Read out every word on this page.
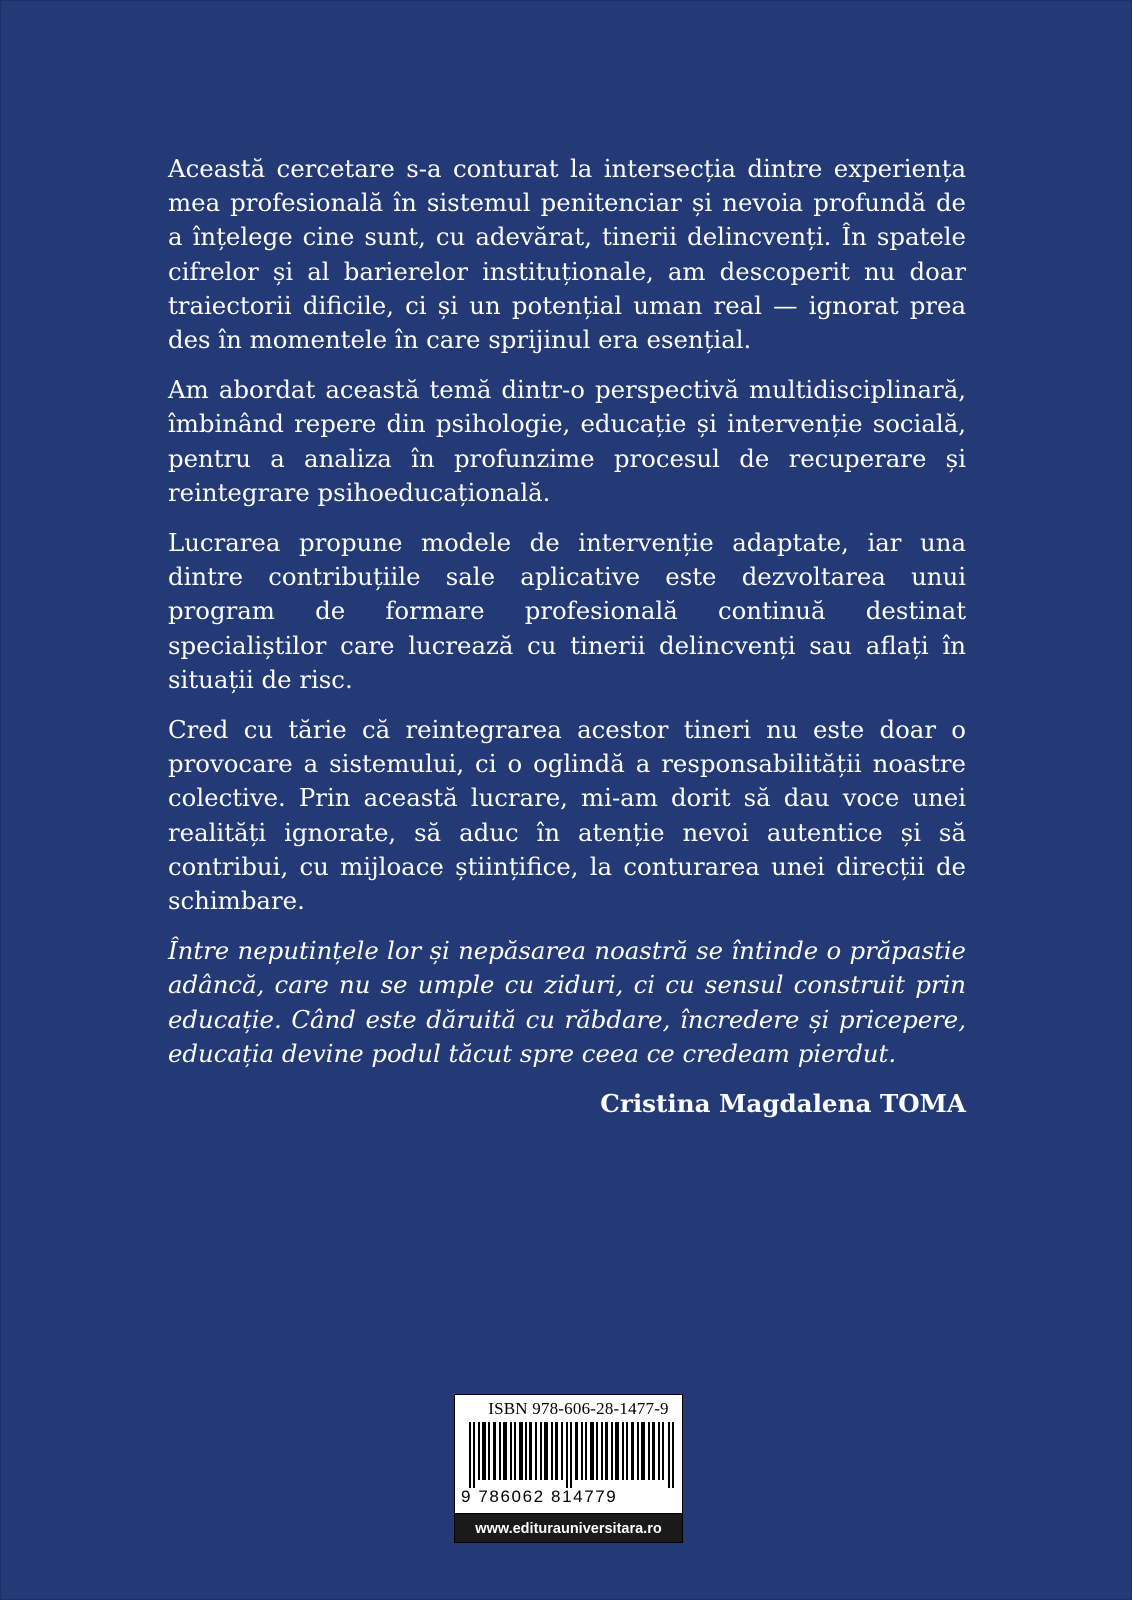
Această cercetare s-a conturat la intersecția dintre experiența mea profesională în sistemul penitenciar și nevoia profundă de a înțelege cine sunt, cu adevărat, tinerii delincvenți. În spatele cifrelor și al barierelor instituționale, am descoperit nu doar traiectorii dificile, ci și un potențial uman real — ignorat prea des în momentele în care sprijinul era esențial.

Am abordat această temă dintr-o perspectivă multidisciplinară, îmbinând repere din psihologie, educație și intervenție socială, pentru a analiza în profunzime procesul de recuperare și reintegrare psihoeducațională.

Lucrarea propune modele de intervenție adaptate, iar una dintre contribuțiile sale aplicative este dezvoltarea unui program de formare profesională continuă destinat specialiștilor care lucrează cu tinerii delincvenți sau aflați în situații de risc.

Cred cu tărie că reintegrarea acestor tineri nu este doar o provocare a sistemului, ci o oglindă a responsabilității noastre colective. Prin această lucrare, mi-am dorit să dau voce unei realități ignorate, să aduc în atenție nevoi autentice și să contribui, cu mijloace științifice, la conturarea unei direcții de schimbare.

Între neputințele lor și nepăsarea noastră se întinde o prăpastie adâncă, care nu se umple cu ziduri, ci cu sensul construit prin educație. Când este dăruită cu răbdare, încredere și pricepere, educația devine podul tăcut spre ceea ce credeam pierdut.

Cristina Magdalena TOMA
ISBN 978-606-28-1477-9
9 786062 814779
www.editurauniversitara.ro
